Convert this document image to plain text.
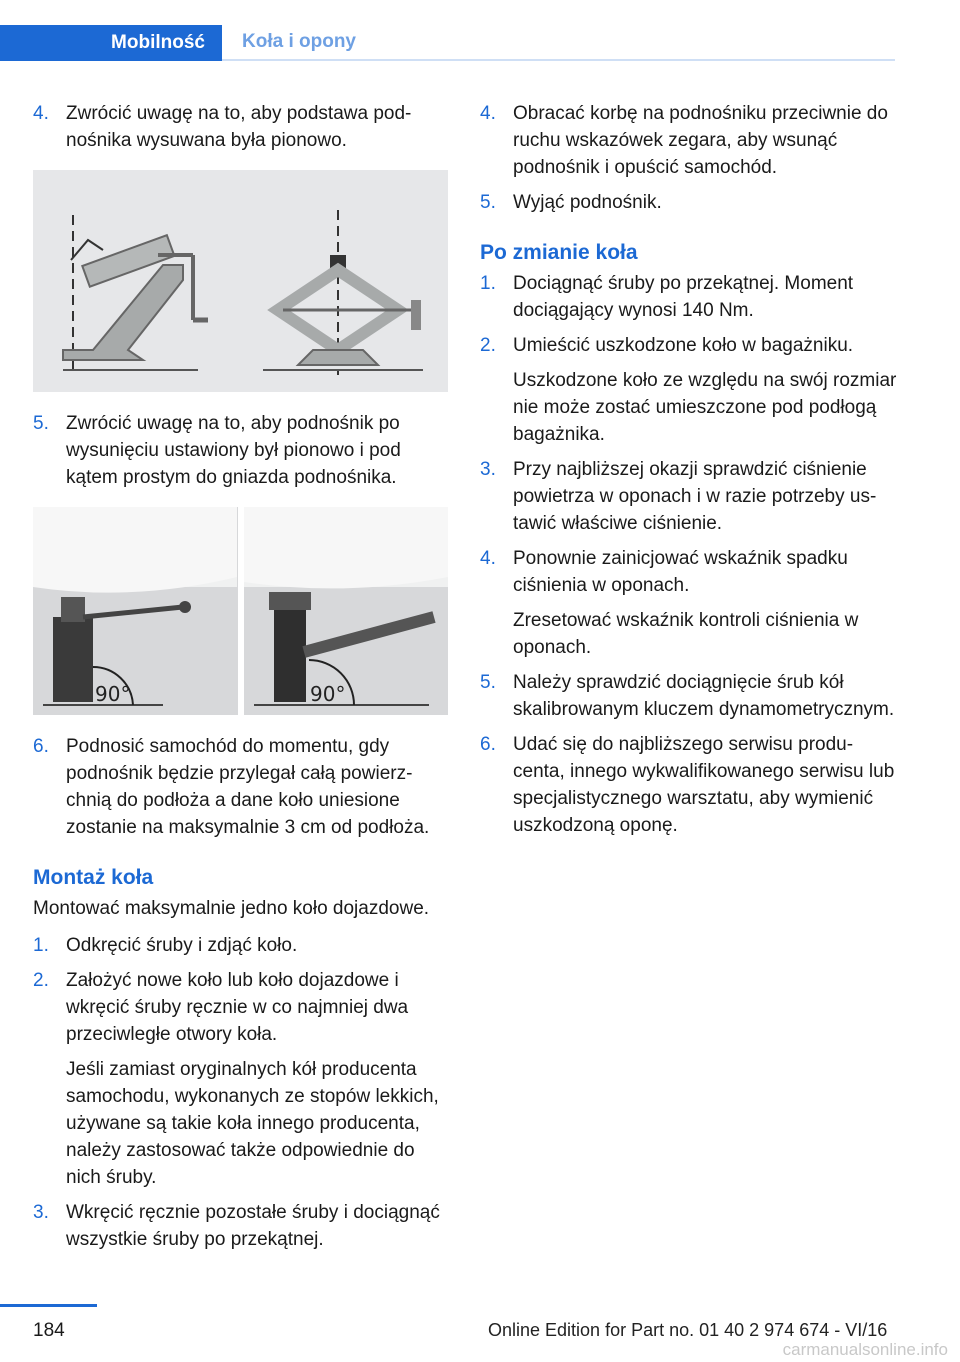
Mobilność	Koła i opony
4. Zwrócić uwagę na to, aby podstawa podnośnika wysuwana była pionowo.
5. Zwrócić uwagę na to, aby podnośnik po wysunięciu ustawiony był pionowo i pod kątem prostym do gniazda podnośnika.
90°	90°
6. Podnosić samochód do momentu, gdy podnośnik będzie przylegał całą powierzchnią do podłoża a dane koło uniesione zostanie na maksymalnie 3 cm od podłoża.
Montaż koła
Montować maksymalnie jedno koło dojazdowe.
1. Odkręcić śruby i zdjąć koło.
2. Założyć nowe koło lub koło dojazdowe i wkręcić śruby ręcznie w co najmniej dwa przeciwległe otwory koła.
Jeśli zamiast oryginalnych kół producenta samochodu, wykonanych ze stopów lekkich, używane są takie koła innego producenta, należy zastosować także odpowiednie do nich śruby.
3. Wkręcić ręcznie pozostałe śruby i dociągnąć wszystkie śruby po przekątnej.
4. Obracać korbę na podnośniku przeciwnie do ruchu wskazówek zegara, aby wsunąć podnośnik i opuścić samochód.
5. Wyjąć podnośnik.
Po zmianie koła
1. Dociągnąć śruby po przekątnej. Moment dociągający wynosi 140 Nm.
2. Umieścić uszkodzone koło w bagażniku.
Uszkodzone koło ze względu na swój rozmiar nie może zostać umieszczone pod podłogą bagażnika.
3. Przy najbliższej okazji sprawdzić ciśnienie powietrza w oponach i w razie potrzeby ustawić właściwe ciśnienie.
4. Ponownie zainicjować wskaźnik spadku ciśnienia w oponach.
Zresetować wskaźnik kontroli ciśnienia w oponach.
5. Należy sprawdzić dociągnięcie śrub kół skalibrowanym kluczem dynamometrycznym.
6. Udać się do najbliższego serwisu producenta, innego wykwalifikowanego serwisu lub specjalistycznego warsztatu, aby wymienić uszkodzoną oponę.
184	Online Edition for Part no. 01 40 2 974 674 - VI/16
carmanualsonline.info
